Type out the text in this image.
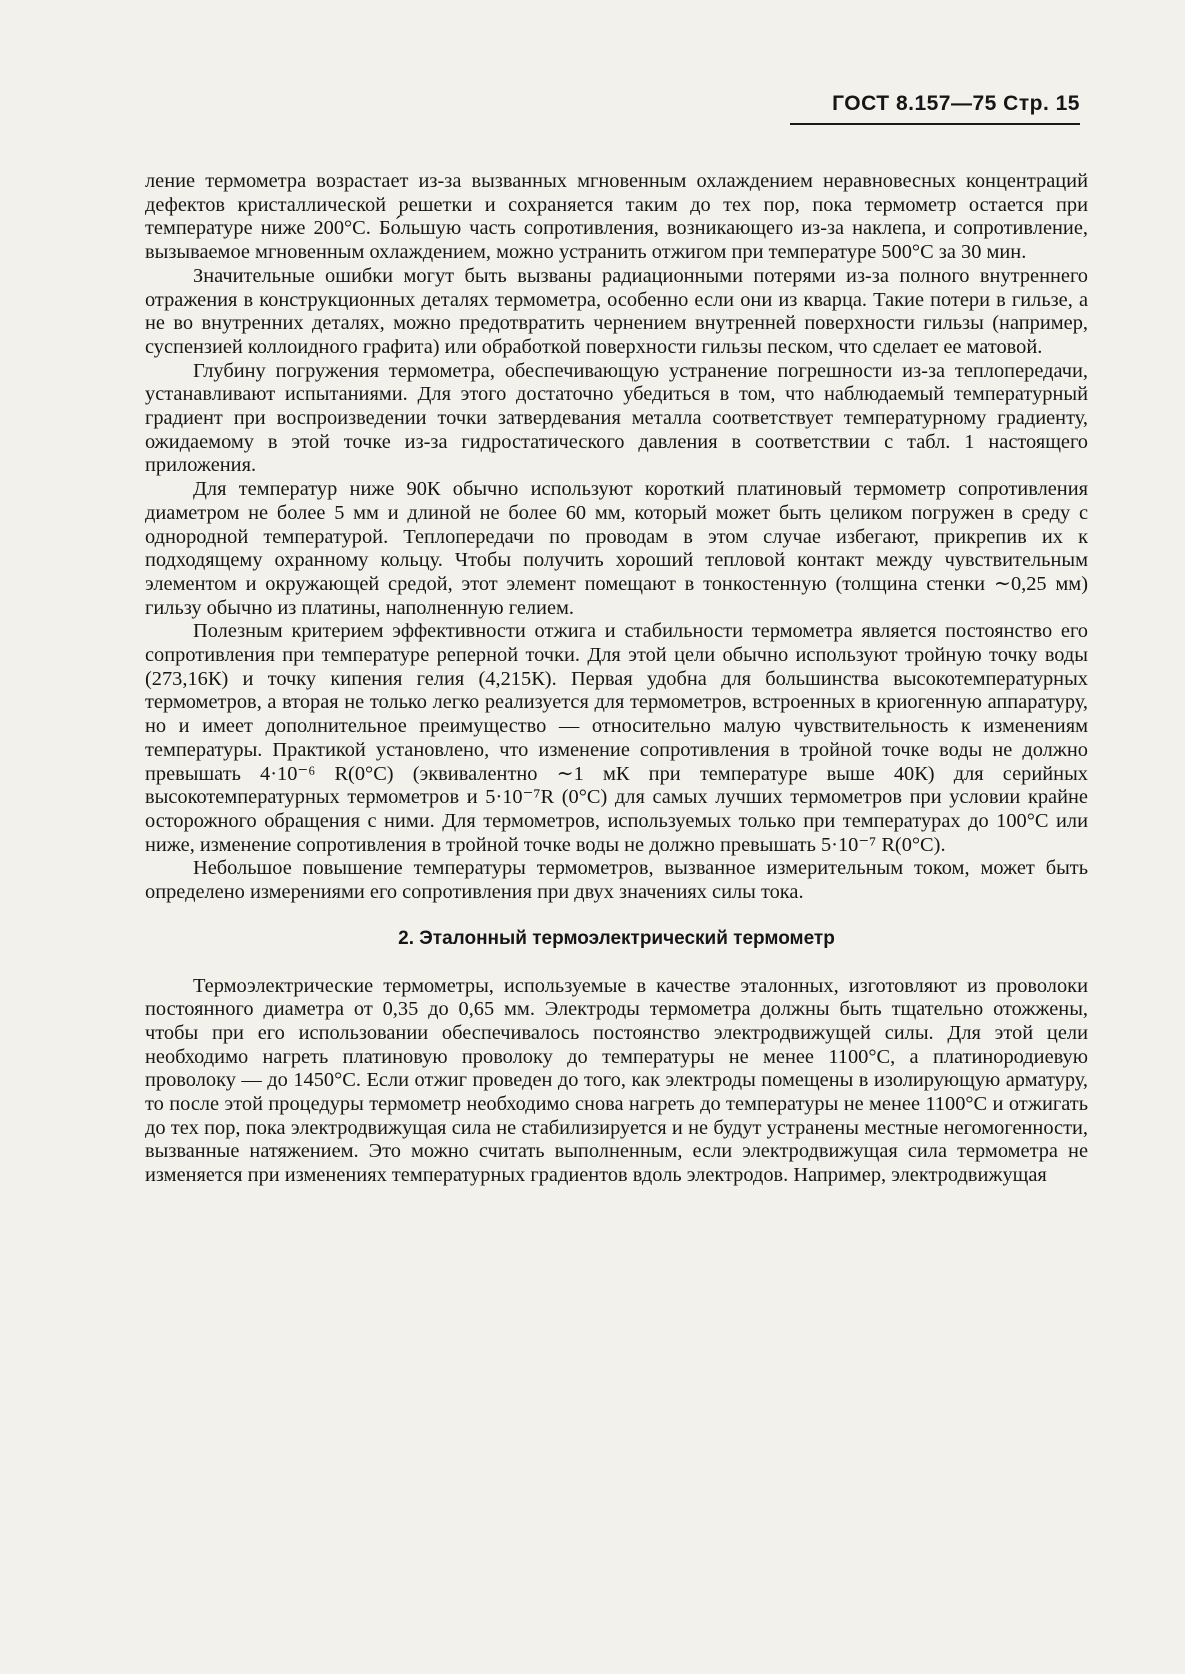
ГОСТ 8.157—75 Стр. 15

ление термометра возрастает из-за вызванных мгновенным охлаждением неравновесных концентраций дефектов кристаллической решетки и сохраняется таким до тех пор, пока термометр остается при температуре ниже 200°С. Бо́льшую часть сопротивления, возникающего из-за наклепа, и сопротивление, вызываемое мгновенным охлаждением, можно устранить отжигом при температуре 500°С за 30 мин.

Значительные ошибки могут быть вызваны радиационными потерями из-за полного внутреннего отражения в конструкционных деталях термометра, особенно если они из кварца. Такие потери в гильзе, а не во внутренних деталях, можно предотвратить чернением внутренней поверхности гильзы (например, суспензией коллоидного графита) или обработкой поверхности гильзы песком, что сделает ее матовой.

Глубину погружения термометра, обеспечивающую устранение погрешности из-за теплопередачи, устанавливают испытаниями. Для этого достаточно убедиться в том, что наблюдаемый температурный градиент при воспроизведении точки затвердевания металла соответствует температурному градиенту, ожидаемому в этой точке из-за гидростатического давления в соответствии с табл. 1 настоящего приложения.

Для температур ниже 90К обычно используют короткий платиновый термометр сопротивления диаметром не более 5 мм и длиной не более 60 мм, который может быть целиком погружен в среду с однородной температурой. Теплопередачи по проводам в этом случае избегают, прикрепив их к подходящему охранному кольцу. Чтобы получить хороший тепловой контакт между чувствительным элементом и окружающей средой, этот элемент помещают в тонкостенную (толщина стенки ∼0,25 мм) гильзу обычно из платины, наполненную гелием.

Полезным критерием эффективности отжига и стабильности термометра является постоянство его сопротивления при температуре реперной точки. Для этой цели обычно используют тройную точку воды (273,16К) и точку кипения гелия (4,215К). Первая удобна для большинства высокотемпературных термометров, а вторая не только легко реализуется для термометров, встроенных в криогенную аппаратуру, но и имеет дополнительное преимущество — относительно малую чувствительность к изменениям температуры. Практикой установлено, что изменение сопротивления в тройной точке воды не должно превышать 4·10⁻⁶ R(0°С) (эквивалентно ∼1 мК при температуре выше 40К) для серийных высокотемпературных термометров и 5·10⁻⁷R (0°С) для самых лучших термометров при условии крайне осторожного обращения с ними. Для термометров, используемых только при температурах до 100°С или ниже, изменение сопротивления в тройной точке воды не должно превышать 5·10⁻⁷ R(0°С).

Небольшое повышение температуры термометров, вызванное измерительным током, может быть определено измерениями его сопротивления при двух значениях силы тока.

2. Эталонный термоэлектрический термометр

Термоэлектрические термометры, используемые в качестве эталонных, изготовляют из проволоки постоянного диаметра от 0,35 до 0,65 мм. Электроды термометра должны быть тщательно отожжены, чтобы при его использовании обеспечивалось постоянство электродвижущей силы. Для этой цели необходимо нагреть платиновую проволоку до температуры не менее 1100°С, а платинородиевую проволоку — до 1450°С. Если отжиг проведен до того, как электроды помещены в изолирующую арматуру, то после этой процедуры термометр необходимо снова нагреть до температуры не менее 1100°С и отжигать до тех пор, пока электродвижущая сила не стабилизируется и не будут устранены местные негомогенности, вызванные натяжением. Это можно считать выполненным, если электродвижущая сила термометра не изменяется при изменениях температурных градиентов вдоль электродов. Например, электродвижущая
